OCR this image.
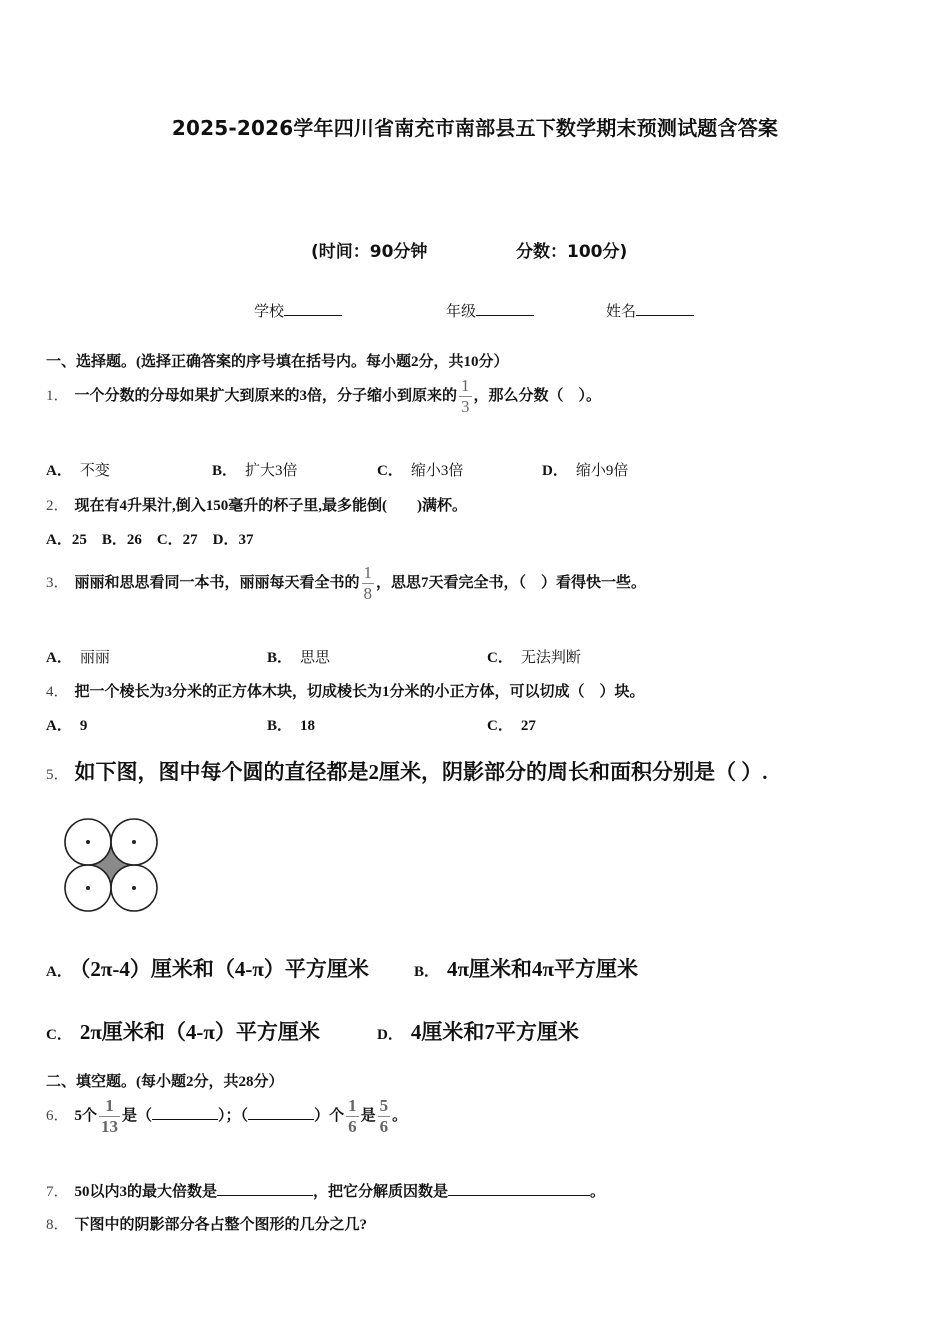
2025-2026学年四川省南充市南部县五下数学期末预测试题含答案
(时间：90分钟	分数：100分)
学校	年级	姓名
一、选择题。(选择正确答案的序号填在括号内。每小题2分，共10分）
1． 一个分数的分母如果扩大到原来的3倍，分子缩小到原来的 $\frac{1}{3}$ ，那么分数（　）。
A． 不变	B． 扩大3倍	C． 缩小3倍	D． 缩小9倍
2． 现在有4升果汁,倒入150毫升的杯子里,最多能倒(　　)满杯。
A．25　B．26　C．27　D．37
3． 丽丽和思思看同一本书，丽丽每天看全书的 $\frac{1}{8}$ ，思思7天看完全书，（　）看得快一些。
A． 丽丽	B． 思思	C． 无法判断
4． 把一个棱长为3分米的正方体木块，切成棱长为1分米的小正方体，可以切成（　）块。
A． 9	B． 18	C． 27
5． 如下图，图中每个圆的直径都是2厘米，阴影部分的周长和面积分别是（ ）.
A． （2π-4）厘米和（4-π）平方厘米	B． 4π厘米和4π平方厘米
C． 2π厘米和（4-π）平方厘米	D． 4厘米和7平方厘米
二、填空题。(每小题2分，共28分）
6． 5个 $\frac{1}{13}$ 是（	）；（	）个 $\frac{1}{6}$ 是 $\frac{5}{6}$ 。
7． 50以内3的最大倍数是	，把它分解质因数是	。
8． 下图中的阴影部分各占整个图形的几分之几?
